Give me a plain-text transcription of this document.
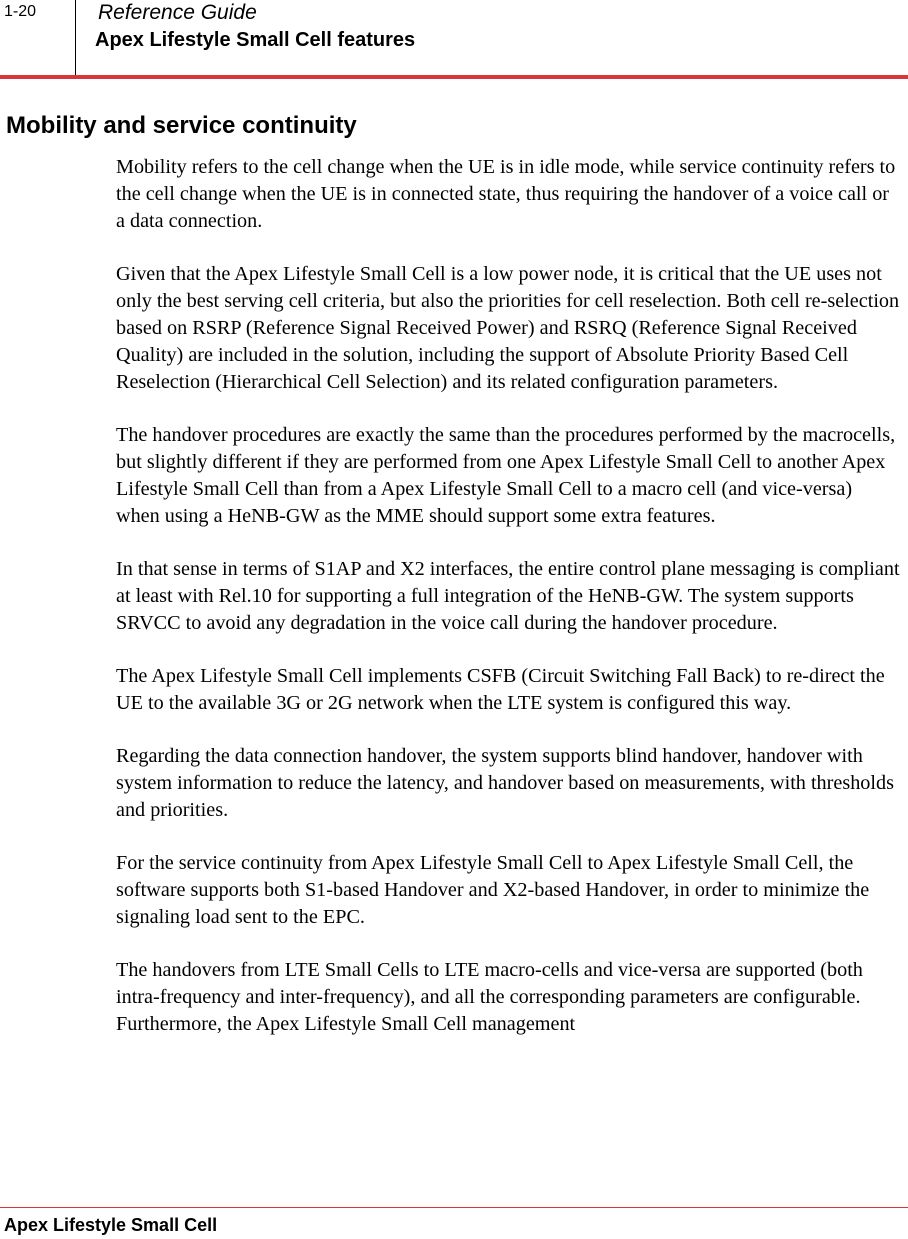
1-20	Reference Guide
Apex Lifestyle Small Cell features
Mobility and service continuity

Mobility refers to the cell change when the UE is in idle mode, while service continuity refers to the cell change when the UE is in connected state, thus requiring the handover of a voice call or a data connection.

Given that the Apex Lifestyle Small Cell is a low power node, it is critical that the UE uses not only the best serving cell criteria, but also the priorities for cell reselection. Both cell re-selection based on RSRP (Reference Signal Received Power) and RSRQ (Reference Signal Received Quality) are included in the solution, including the support of Absolute Priority Based Cell Reselection (Hierarchical Cell Selection) and its related configuration parameters.

The handover procedures are exactly the same than the procedures performed by the macrocells, but slightly different if they are performed from one Apex Lifestyle Small Cell to another Apex Lifestyle Small Cell than from a Apex Lifestyle Small Cell to a macro cell (and vice-versa) when using a HeNB-GW as the MME should support some extra features.

In that sense in terms of S1AP and X2 interfaces, the entire control plane messaging is compliant at least with Rel.10 for supporting a full integration of the HeNB-GW. The system supports SRVCC to avoid any degradation in the voice call during the handover procedure.

The Apex Lifestyle Small Cell implements CSFB (Circuit Switching Fall Back) to re-direct the UE to the available 3G or 2G network when the LTE system is configured this way.

Regarding the data connection handover, the system supports blind handover, handover with system information to reduce the latency, and handover based on measurements, with thresholds and priorities.

For the service continuity from Apex Lifestyle Small Cell to Apex Lifestyle Small Cell, the software supports both S1-based Handover and X2-based Handover, in order to minimize the signaling load sent to the EPC.

The handovers from LTE Small Cells to LTE macro-cells and vice-versa are supported (both intra-frequency and inter-frequency), and all the corresponding parameters are configurable. Furthermore, the Apex Lifestyle Small Cell management

Apex Lifestyle Small Cell
